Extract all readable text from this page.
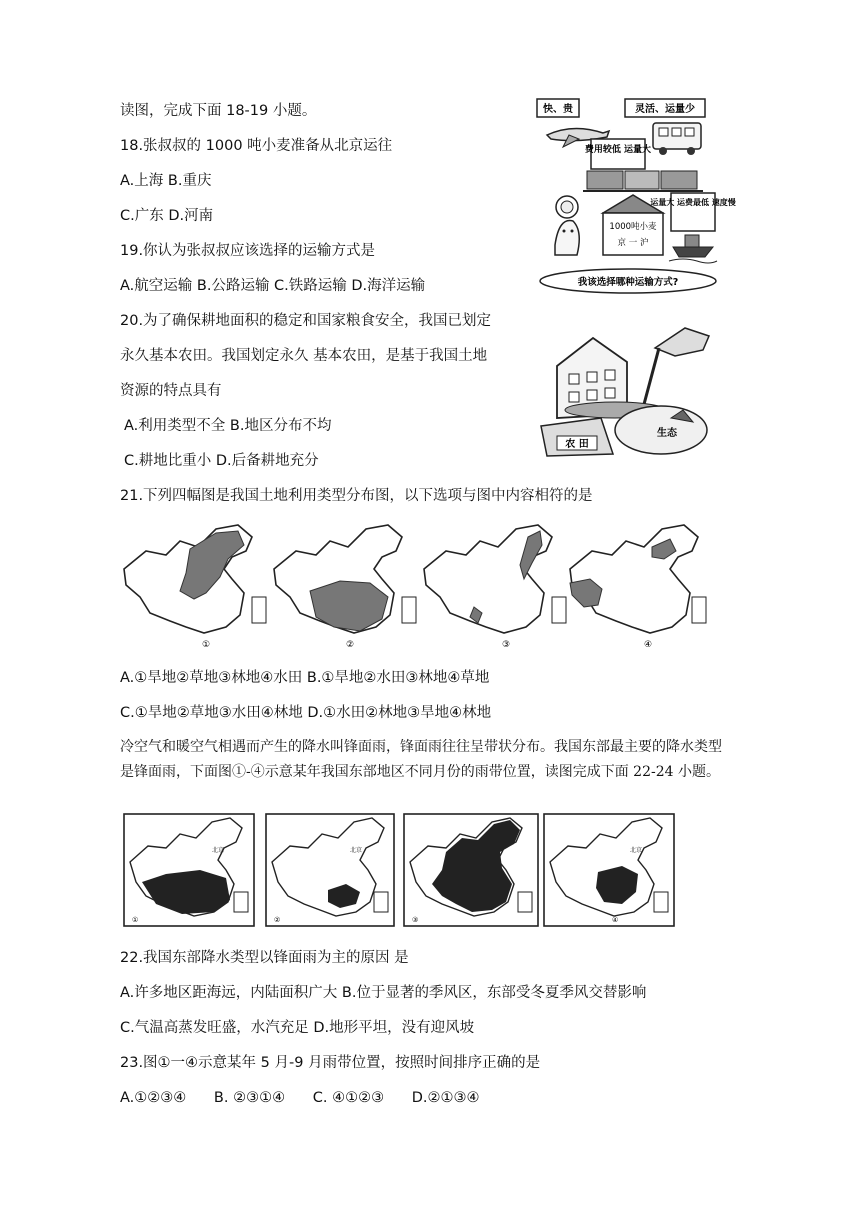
读图，完成下面 18-19 小题。
18.张叔叔的 1000 吨小麦准备从北京运往
A.上海 B.重庆
C.广东 D.河南
19.你认为张叔叔应该选择的运输方式是
A.航空运输 B.公路运输 C.铁路运输 D.海洋运输
20.为了确保耕地面积的稳定和国家粮食安全，我国已划定
永久基本农田。我国划定永久 基本农田，是基于我国土地
资源的特点具有
A.利用类型不全 B.地区分布不均
C.耕地比重小 D.后备耕地充分
21.下列四幅图是我国土地利用类型分布图，以下选项与图中内容相符的是
A.①旱地②草地③林地④水田 B.①旱地②水田③林地④草地
C.①旱地②草地③水田④林地 D.①水田②林地③旱地④林地
冷空气和暖空气相遇而产生的降水叫锋面雨，锋面雨往往呈带状分布。我国东部最主要的降水类型是锋面雨，下面图①-④示意某年我国东部地区不同月份的雨带位置，读图完成下面 22-24 小题。
22.我国东部降水类型以锋面雨为主的原因 是
A.许多地区距海远，内陆面积广大 B.位于显著的季风区，东部受冬夏季风交替影响
C.气温高蒸发旺盛，水汽充足 D.地形平坦，没有迎风坡
23.图①一④示意某年 5 月-9 月雨带位置，按照时间排序正确的是
A.①②③④      B. ②③①④      C. ④①②③      D.②①③④
快、贵	灵活、运量少
费用较低 运量大
1000吨小麦
京 一 沪
运量大 运费最低 速度慢
我该选择哪种运输方式?
农 田
生态
①	②	③	④
北京
①
北京
②	③
北京
④
